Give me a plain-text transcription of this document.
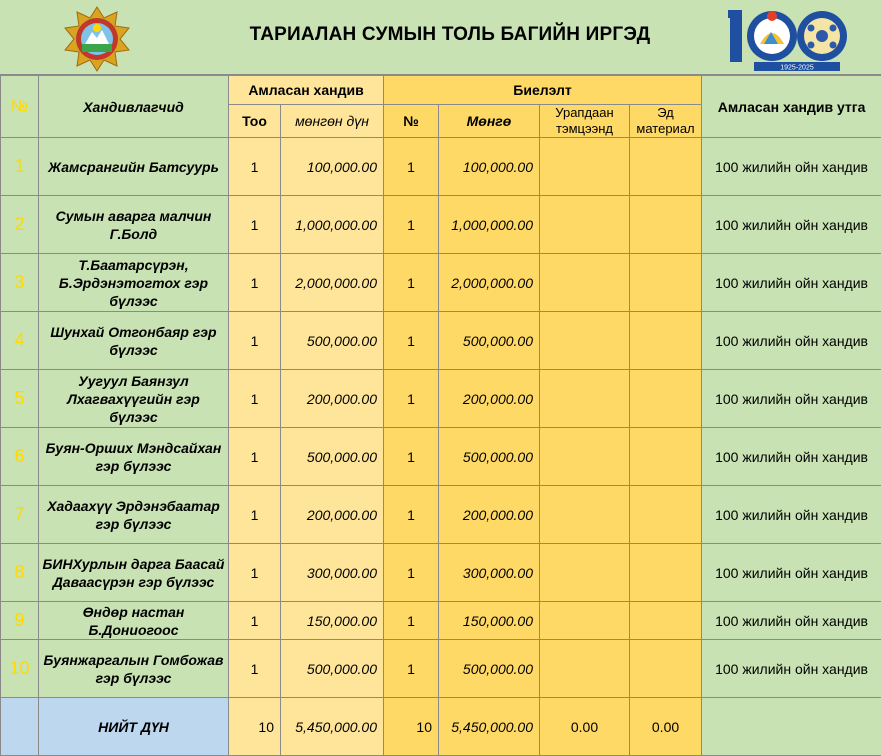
ТАРИАЛАН СУМЫН ТОЛЬ БАГИЙН ИРГЭД
1925-2025
№	Хандивлагчид	Амласан хандив		Биелэлт				Амласан хандив утга
		Тоо	мөнгөн дүн	№	Мөнгө	Урапдаан тэмцээнд	Эд материал	
1	Жамсрангийн Батсуурь	1	100,000.00	1	100,000.00			100 жилийн ойн хандив
2	Сумын аварга малчин Г.Болд	1	1,000,000.00	1	1,000,000.00			100 жилийн ойн хандив
3	Т.Баатарсүрэн, Б.Эрдэнэтогтох гэр бүлээс	1	2,000,000.00	1	2,000,000.00			100 жилийн ойн хандив
4	Шунхай Отгонбаяр гэр бүлээс	1	500,000.00	1	500,000.00			100 жилийн ойн хандив
5	Уугуул Баянзул Лхагвахүүгийн гэр бүлээс	1	200,000.00	1	200,000.00			100 жилийн ойн хандив
6	Буян-Орших Мэндсайхан гэр бүлээс	1	500,000.00	1	500,000.00			100 жилийн ойн хандив
7	Хадаахүү Эрдэнэбаатар гэр бүлээс	1	200,000.00	1	200,000.00			100 жилийн ойн хандив
8	БИНХурлын дарга Баасай Даваасүрэн гэр бүлээс	1	300,000.00	1	300,000.00			100 жилийн ойн хандив
9	Өндөр настан Б.Дониогоос	1	150,000.00	1	150,000.00			100 жилийн ойн хандив
10	Буянжаргалын Гомбожав гэр бүлээс	1	500,000.00	1	500,000.00			100 жилийн ойн хандив
	НИЙТ ДҮН	10	5,450,000.00	10	5,450,000.00	0.00	0.00	
